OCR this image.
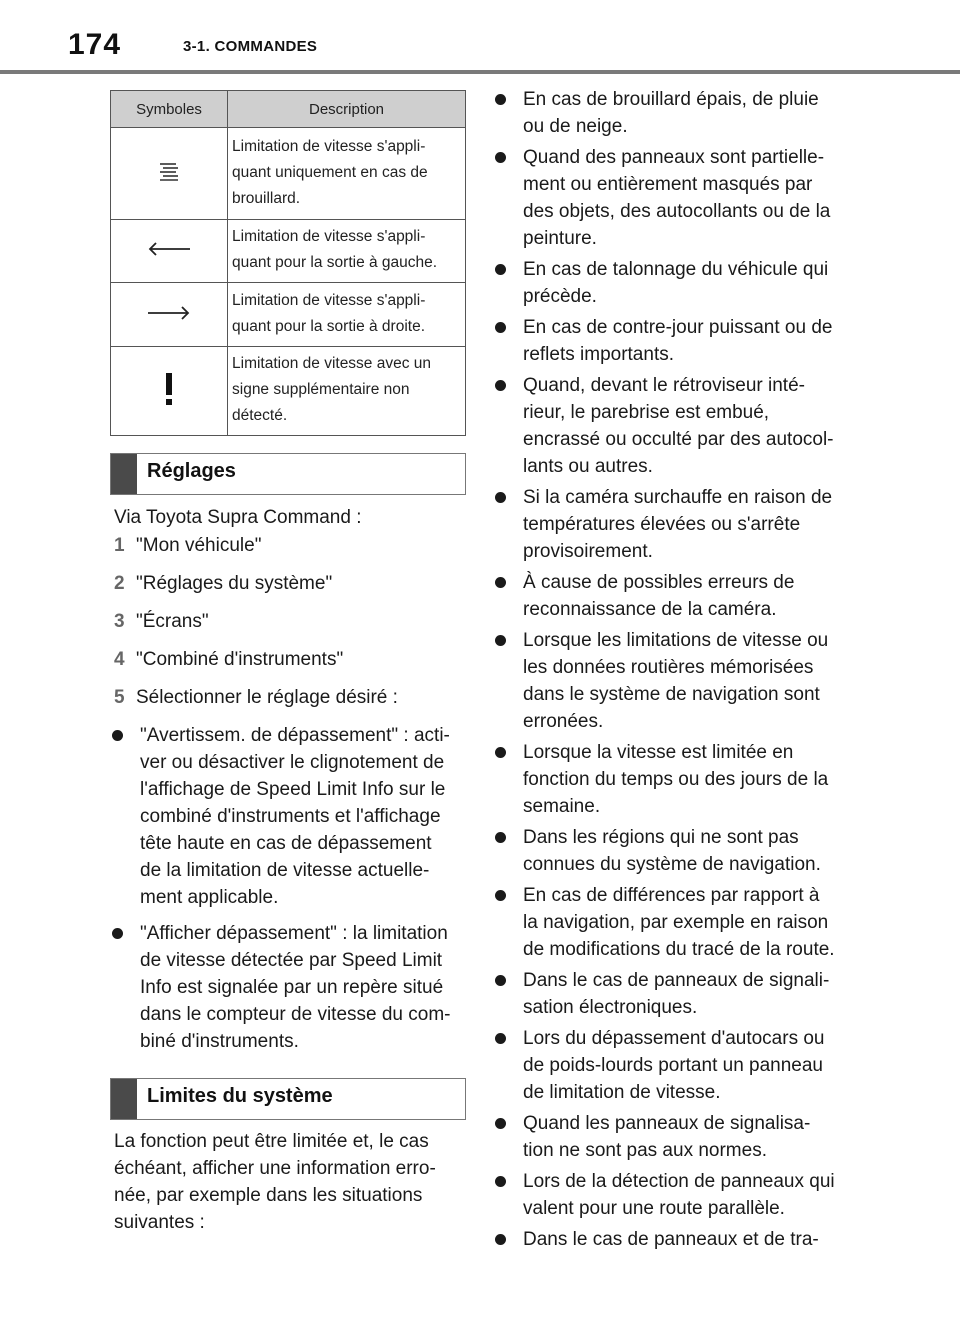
174	3-1. COMMANDES
Symboles	Description

Limitation de vitesse s'appli-
quant uniquement en cas de
brouillard.

Limitation de vitesse s'appli-
quant pour la sortie à gauche.

Limitation de vitesse s'appli-
quant pour la sortie à droite.

Limitation de vitesse avec un
signe supplémentaire non
détecté.
Réglages
Via Toyota Supra Command :
1 "Mon véhicule"
2 "Réglages du système"
3 "Écrans"
4 "Combiné d'instruments"
5 Sélectionner le réglage désiré :
"Avertissem. de dépassement" : acti-
ver ou désactiver le clignotement de
l'affichage de Speed Limit Info sur le
combiné d'instruments et l'affichage
tête haute en cas de dépassement
de la limitation de vitesse actuelle-
ment applicable.
"Afficher dépassement" : la limitation
de vitesse détectée par Speed Limit
Info est signalée par un repère situé
dans le compteur de vitesse du com-
biné d'instruments.
Limites du système
La fonction peut être limitée et, le cas
échéant, afficher une information erro-
née, par exemple dans les situations
suivantes :
En cas de brouillard épais, de pluie
ou de neige.
Quand des panneaux sont partielle-
ment ou entièrement masqués par
des objets, des autocollants ou de la
peinture.
En cas de talonnage du véhicule qui
précède.
En cas de contre-jour puissant ou de
reflets importants.
Quand, devant le rétroviseur inté-
rieur, le parebrise est embué,
encrassé ou occulté par des autocol-
lants ou autres.
Si la caméra surchauffe en raison de
températures élevées ou s'arrête
provisoirement.
À cause de possibles erreurs de
reconnaissance de la caméra.
Lorsque les limitations de vitesse ou
les données routières mémorisées
dans le système de navigation sont
erronées.
Lorsque la vitesse est limitée en
fonction du temps ou des jours de la
semaine.
Dans les régions qui ne sont pas
connues du système de navigation.
En cas de différences par rapport à
la navigation, par exemple en raison
de modifications du tracé de la route.
Dans le cas de panneaux de signali-
sation électroniques.
Lors du dépassement d'autocars ou
de poids-lourds portant un panneau
de limitation de vitesse.
Quand les panneaux de signalisa-
tion ne sont pas aux normes.
Lors de la détection de panneaux qui
valent pour une route parallèle.
Dans le cas de panneaux et de tra-
